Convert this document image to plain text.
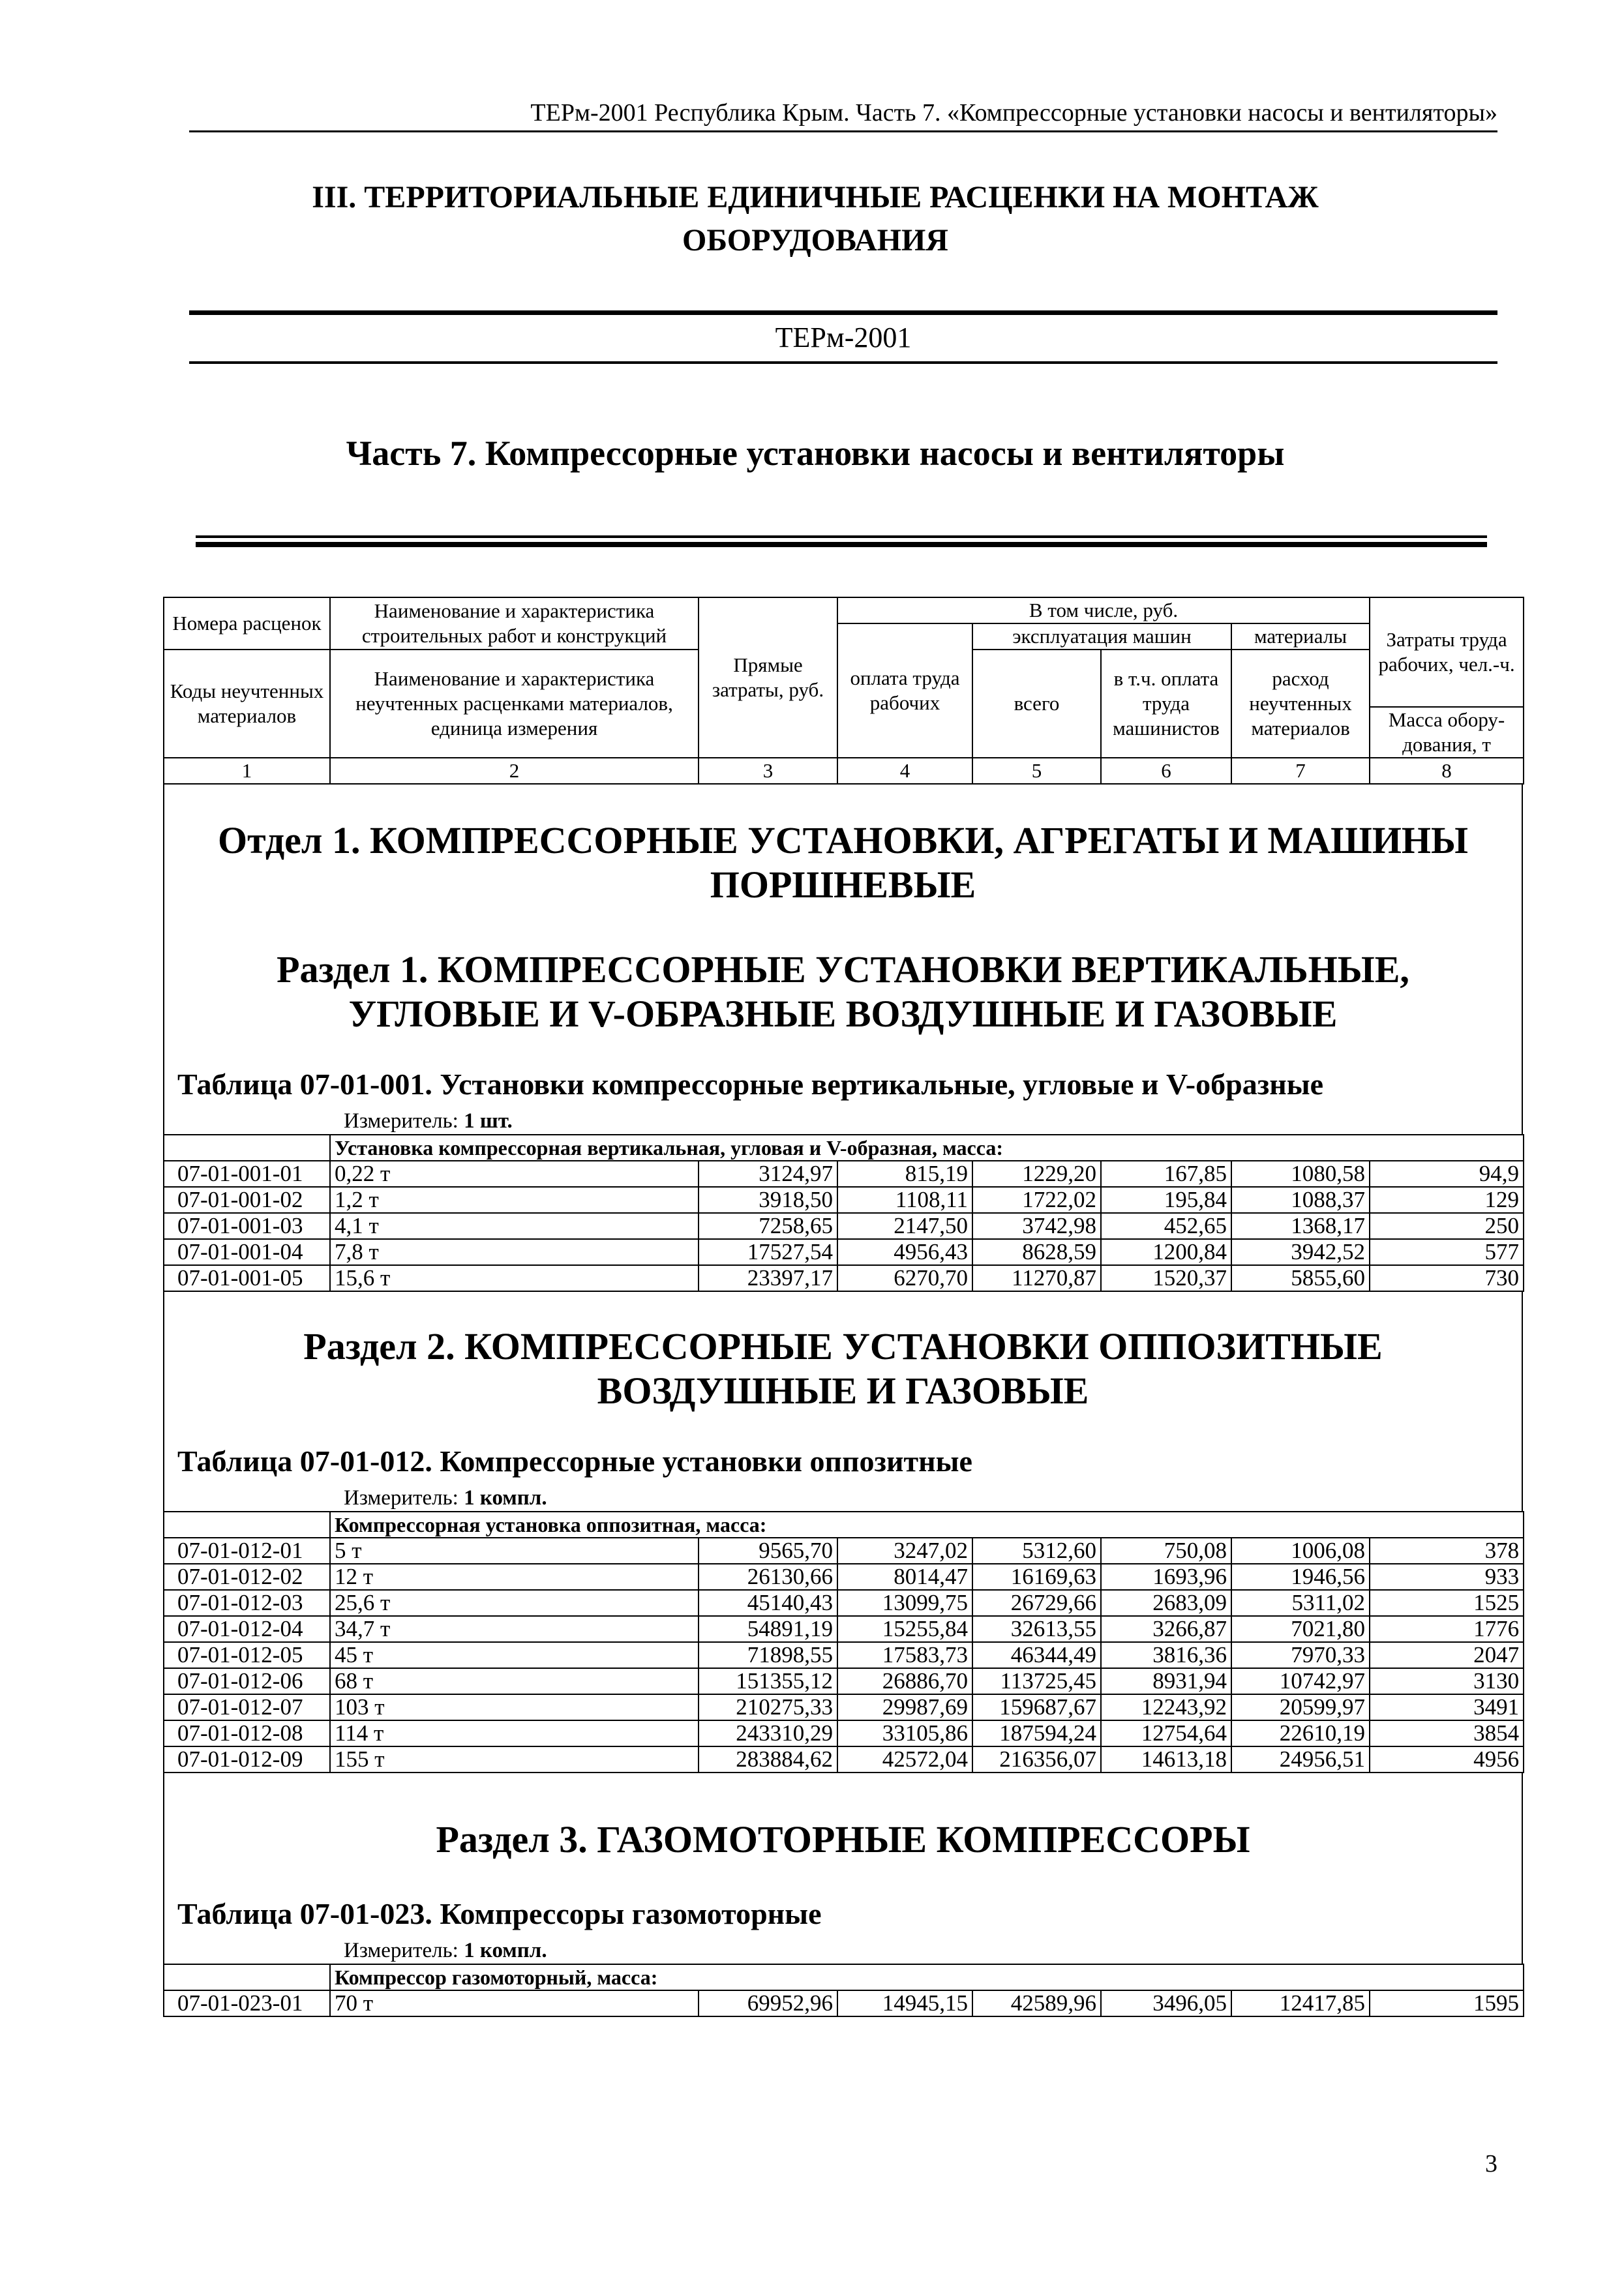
ТЕРм-2001 Республика Крым. Часть 7. «Компрессорные установки насосы и вентиляторы»
III. ТЕРРИТОРИАЛЬНЫЕ ЕДИНИЧНЫЕ РАСЦЕНКИ НА МОНТАЖ
ОБОРУДОВАНИЯ
ТЕРм-2001
Часть 7. Компрессорные установки насосы и вентиляторы
Номера расценок	Наименование и характеристика строительных работ и конструкций	Прямые затраты, руб.	В том числе, руб.				Затраты труда рабочих, чел.-ч.
			оплата труда рабочих	эксплуатация машин		материалы	
Коды неучтенных материалов	Наименование и характеристика неучтенных расценками материалов, единица измерения			всего	в т.ч. оплата труда машинистов	расход неучтенных материалов	
							Масса обору-дования, т
1	2	3	4	5	6	7	8
Отдел 1. КОМПРЕССОРНЫЕ УСТАНОВКИ, АГРЕГАТЫ И МАШИНЫ
ПОРШНЕВЫЕ
Раздел 1. КОМПРЕССОРНЫЕ УСТАНОВКИ ВЕРТИКАЛЬНЫЕ,
УГЛОВЫЕ И V-ОБРАЗНЫЕ ВОЗДУШНЫЕ И ГАЗОВЫЕ
Таблица 07-01-001. Установки компрессорные вертикальные, угловые и V-образные
Измеритель: 1 шт.
	Установка компрессорная вертикальная, угловая и V-образная, масса:						
07-01-001-01	0,22 т	3124,97	815,19	1229,20	167,85	1080,58	94,9
07-01-001-02	1,2 т	3918,50	1108,11	1722,02	195,84	1088,37	129
07-01-001-03	4,1 т	7258,65	2147,50	3742,98	452,65	1368,17	250
07-01-001-04	7,8 т	17527,54	4956,43	8628,59	1200,84	3942,52	577
07-01-001-05	15,6 т	23397,17	6270,70	11270,87	1520,37	5855,60	730
Раздел 2. КОМПРЕССОРНЫЕ УСТАНОВКИ ОППОЗИТНЫЕ
ВОЗДУШНЫЕ И ГАЗОВЫЕ
Таблица 07-01-012. Компрессорные установки оппозитные
Измеритель: 1 компл.
	Компрессорная установка оппозитная, масса:						
07-01-012-01	5 т	9565,70	3247,02	5312,60	750,08	1006,08	378
07-01-012-02	12 т	26130,66	8014,47	16169,63	1693,96	1946,56	933
07-01-012-03	25,6 т	45140,43	13099,75	26729,66	2683,09	5311,02	1525
07-01-012-04	34,7 т	54891,19	15255,84	32613,55	3266,87	7021,80	1776
07-01-012-05	45 т	71898,55	17583,73	46344,49	3816,36	7970,33	2047
07-01-012-06	68 т	151355,12	26886,70	113725,45	8931,94	10742,97	3130
07-01-012-07	103 т	210275,33	29987,69	159687,67	12243,92	20599,97	3491
07-01-012-08	114 т	243310,29	33105,86	187594,24	12754,64	22610,19	3854
07-01-012-09	155 т	283884,62	42572,04	216356,07	14613,18	24956,51	4956
Раздел 3. ГАЗОМОТОРНЫЕ КОМПРЕССОРЫ
Таблица 07-01-023. Компрессоры газомоторные
Измеритель: 1 компл.
	Компрессор газомоторный, масса:						
07-01-023-01	70 т	69952,96	14945,15	42589,96	3496,05	12417,85	1595
3
